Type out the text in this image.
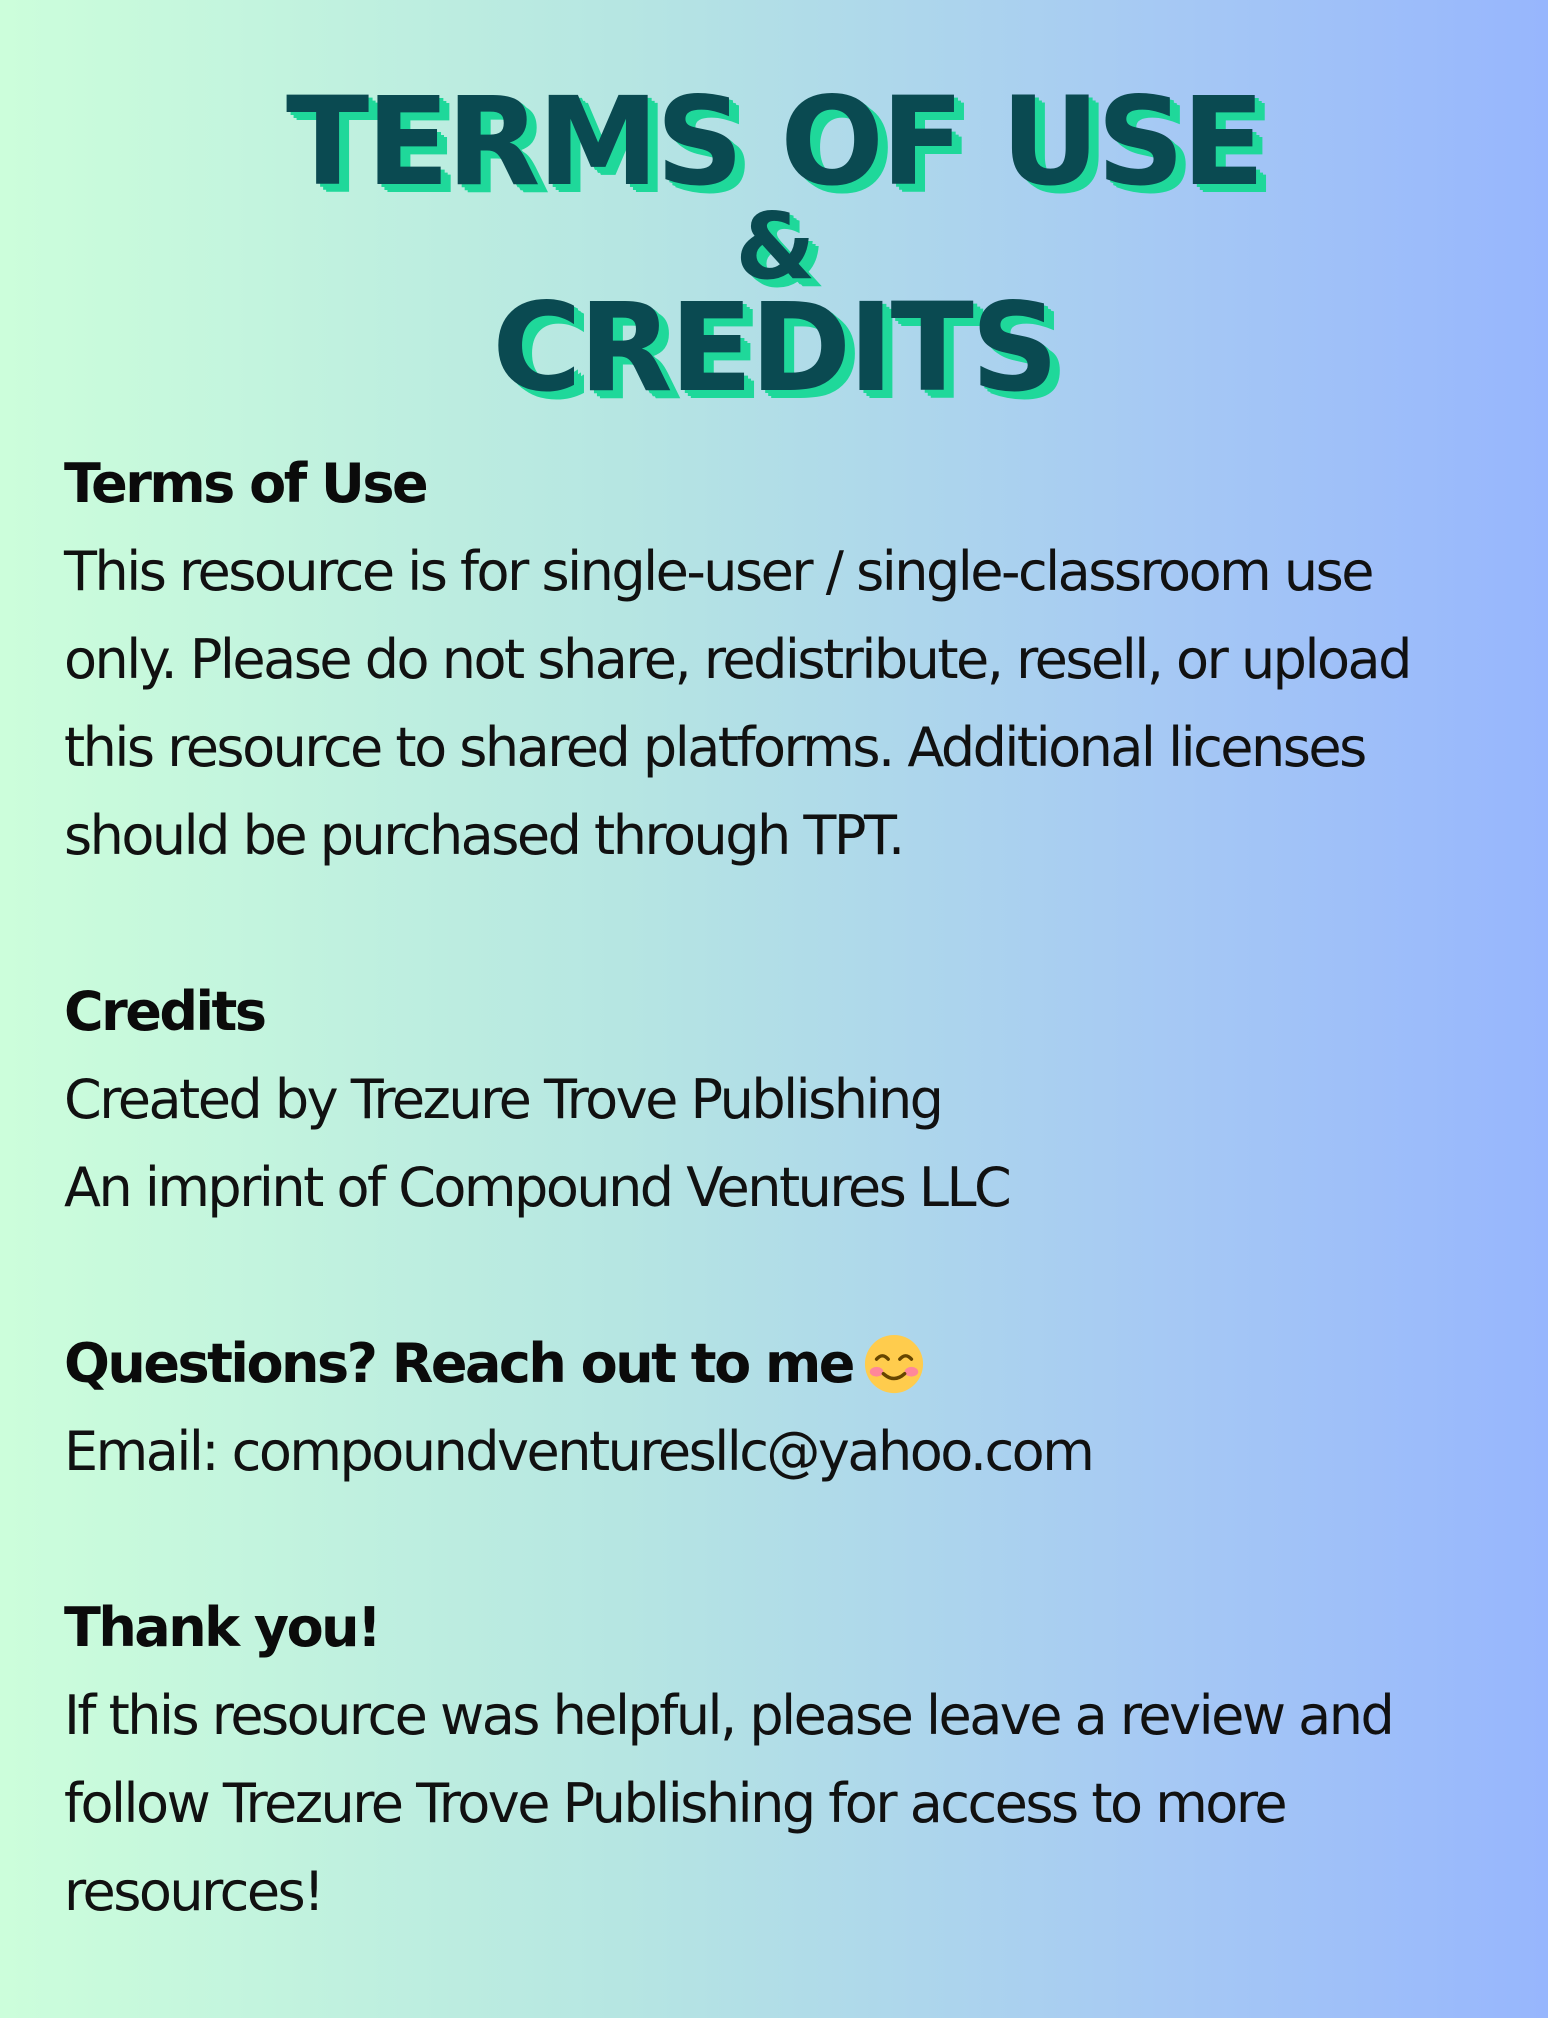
TERMS OF USE
&
CREDITS
Terms of Use
This resource is for single-user / single-classroom use
only. Please do not share, redistribute, resell, or upload
this resource to shared platforms. Additional licenses
should be purchased through TPT.
Credits
Created by Trezure Trove Publishing
An imprint of Compound Ventures LLC
Questions? Reach out to me
Email: compoundventuresllc@yahoo.com
Thank you!
If this resource was helpful, please leave a review and
follow Trezure Trove Publishing for access to more
resources!
